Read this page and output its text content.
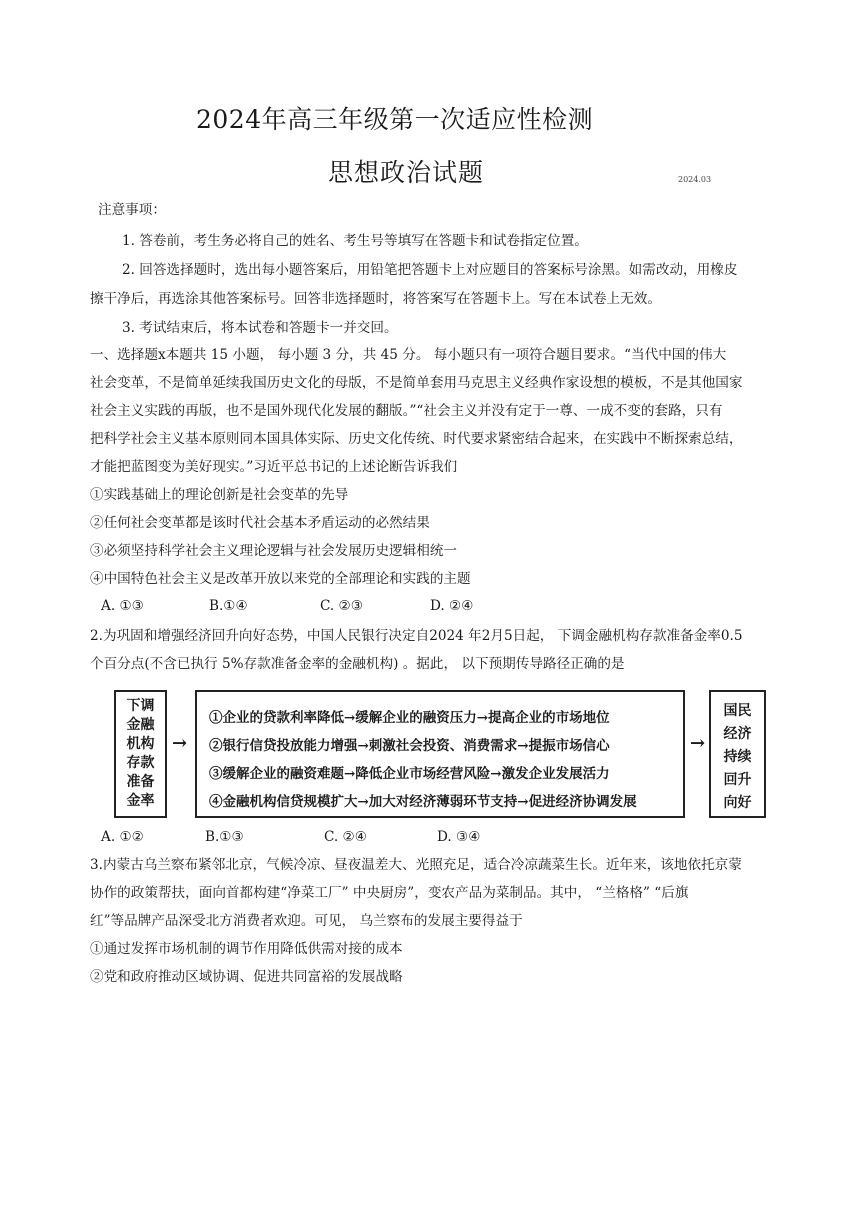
2024年高三年级第一次适应性检测
思想政治试题	2024.03
注意事项：
1. 答卷前，考生务必将自己的姓名、考生号等填写在答题卡和试卷指定位置。
2. 回答选择题时，选出每小题答案后，用铅笔把答题卡上对应题目的答案标号涂黑。如需改动，用橡皮
擦干净后，再选涂其他答案标号。回答非选择题时，将答案写在答题卡上。写在本试卷上无效。
3. 考试结束后，将本试卷和答题卡一并交回。
一、选择题x本题共 15 小题， 每小题 3 分，共 45 分。 每小题只有一项符合题目要求。“当代中国的伟大
社会变革，不是简单延续我国历史文化的母版，不是简单套用马克思主义经典作家设想的模板，不是其他国家
社会主义实践的再版，也不是国外现代化发展的翻版。”“社会主义并没有定于一尊、一成不变的套路，只有
把科学社会主义基本原则同本国具体实际、历史文化传统、时代要求紧密结合起来，在实践中不断探索总结，
才能把蓝图变为美好现实。”习近平总书记的上述论断告诉我们
①实践基础上的理论创新是社会变革的先导
②任何社会变革都是该时代社会基本矛盾运动的必然结果
③必须坚持科学社会主义理论逻辑与社会发展历史逻辑相统一
④中国特色社会主义是改革开放以来党的全部理论和实践的主题
A. ①③	B.①④	C. ②③	D. ②④
2.为巩固和增强经济回升向好态势，中国人民银行决定自2024 年2月5日起， 下调金融机构存款准备金率0.5
个百分点(不含已执行 5%存款准备金率的金融机构) 。据此， 以下预期传导路径正确的是
下调
金融
机构
存款
准备
金率
→
①企业的贷款利率降低→缓解企业的融资压力→提高企业的市场地位
②银行信贷投放能力增强→刺激社会投资、消费需求→提振市场信心
③缓解企业的融资难题→降低企业市场经营风险→激发企业发展活力
④金融机构信贷规模扩大→加大对经济薄弱环节支持→促进经济协调发展
→
国民
经济
持续
回升
向好
A. ①②	B.①③	C. ②④	D. ③④
3.内蒙古乌兰察布紧邻北京，气候冷凉、昼夜温差大、光照充足，适合冷凉蔬菜生长。近年来，该地依托京蒙
协作的政策帮扶，面向首都构建“净菜工厂” 中央厨房”，变农产品为菜制品。其中， “兰格格” “后旗
红”等品牌产品深受北方消费者欢迎。可见， 乌兰察布的发展主要得益于
①通过发挥市场机制的调节作用降低供需对接的成本
②党和政府推动区域协调、促进共同富裕的发展战略
